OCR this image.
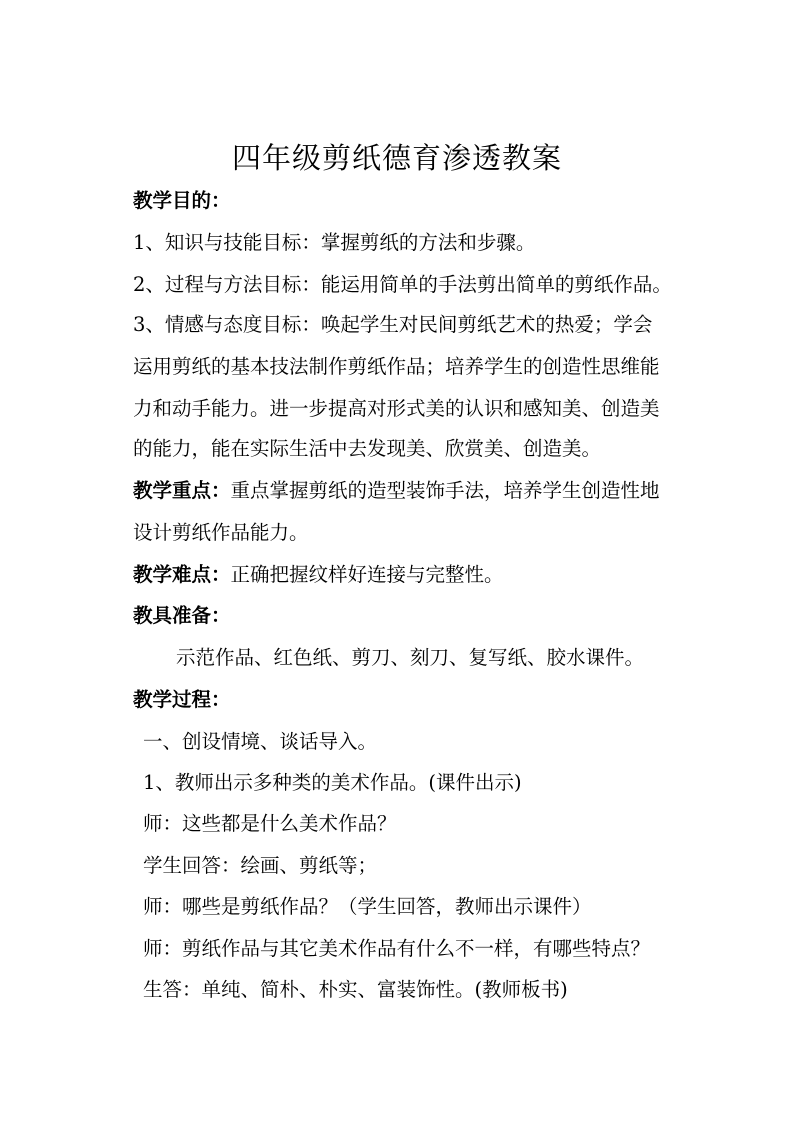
四年级剪纸德育渗透教案

教学目的：

1、知识与技能目标：掌握剪纸的方法和步骤。

2、过程与方法目标：能运用简单的手法剪出简单的剪纸作品。

3、情感与态度目标：唤起学生对民间剪纸艺术的热爱；学会

运用剪纸的基本技法制作剪纸作品；培养学生的创造性思维能

力和动手能力。进一步提高对形式美的认识和感知美、创造美

的能力，能在实际生活中去发现美、欣赏美、创造美。

教学重点：重点掌握剪纸的造型装饰手法，培养学生创造性地

设计剪纸作品能力。

教学难点：正确把握纹样好连接与完整性。

教具准备：

示范作品、红色纸、剪刀、刻刀、复写纸、胶水课件。

教学过程：

一、创设情境、谈话导入。

1、教师出示多种类的美术作品。(课件出示)

师：这些都是什么美术作品？

学生回答：绘画、剪纸等；

师：哪些是剪纸作品？（学生回答，教师出示课件）

师：剪纸作品与其它美术作品有什么不一样，有哪些特点？

生答：单纯、简朴、朴实、富装饰性。(教师板书)
